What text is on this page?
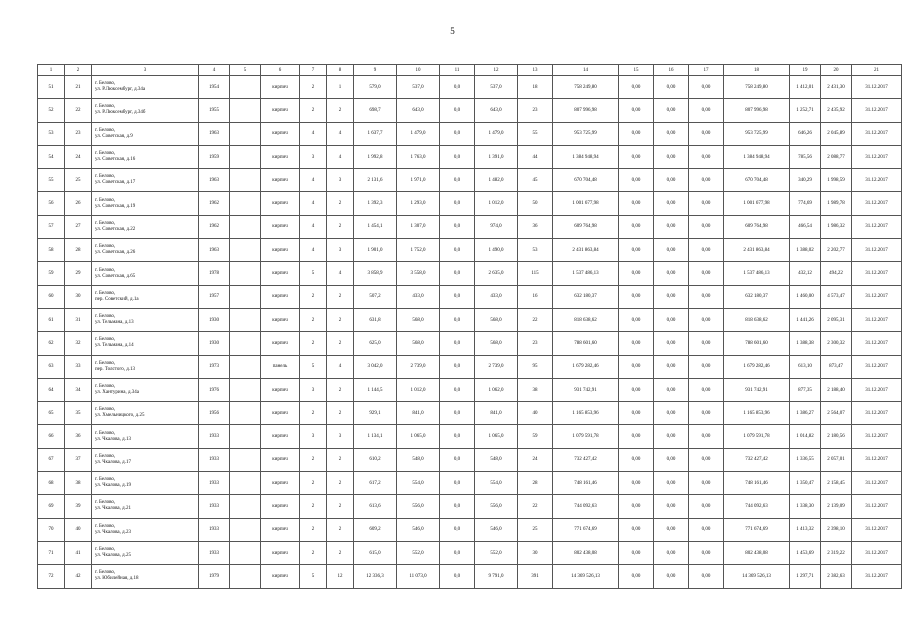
5
1	2	3	4	5	6	7	8	9	10	11	12	13	14	15	16	17	18	19	20	21
51	21	г. Белово,
ул. Р.Люксембург, д.34а	1954		кирпич	2	1	579,0	537,0	0,0	537,0	18	758 249,80	0,00	0,00	0,00	758 249,80	1 412,01	2 431,30	31.12.2017
52	22	г. Белово,
ул. Р.Люксембург, д.34б	1955		кирпич	2	2	698,7	643,0	0,0	643,0	23	807 996,98	0,00	0,00	0,00	807 996,98	1 252,71	2 435,92	31.12.2017
53	23	г. Белово,
ул. Советская, д.9	1963		кирпич	4	4	1 637,7	1 479,0	0,0	1 479,0	55	953 725,99	0,00	0,00	0,00	953 725,99	646,26	2 045,89	31.12.2017
54	24	г. Белово,
ул. Советская, д.16	1959		кирпич	3	4	1 992,8	1 763,0	0,0	1 391,0	44	1 384 948,94	0,00	0,00	0,00	1 384 948,94	785,56	2 088,77	31.12.2017
55	25	г. Белово,
ул. Советская, д.17	1963		кирпич	4	3	2 131,6	1 971,0	0,0	1 482,0	45	670 704,48	0,00	0,00	0,00	670 704,48	340,29	1 998,59	31.12.2017
56	26	г. Белово,
ул. Советская, д.19	1962		кирпич	4	2	1 392,3	1 293,0	0,0	1 012,0	50	1 001 677,98	0,00	0,00	0,00	1 001 677,98	774,69	1 989,78	31.12.2017
57	27	г. Белово,
ул. Советская, д.22	1962		кирпич	4	2	1 454,1	1 307,0	0,0	974,0	36	609 764,98	0,00	0,00	0,00	609 764,98	466,54	1 986,32	31.12.2017
58	28	г. Белово,
ул. Советская, д.26	1963		кирпич	4	3	1 901,0	1 752,0	0,0	1 490,0	53	2 431 863,84	0,00	0,00	0,00	2 431 863,84	1 388,02	2 202,77	31.12.2017
59	29	г. Белово,
ул. Советская, д.65	1978		кирпич	5	4	3 858,9	3 558,0	0,0	2 635,0	115	1 537 486,13	0,00	0,00	0,00	1 537 486,13	432,12	494,22	31.12.2017
60	30	г. Белово,
пер. Советский, д.1а	1957		кирпич	2	2	507,2	433,0	0,0	433,0	16	632 180,37	0,00	0,00	0,00	632 180,37	1 460,00	4 573,47	31.12.2017
61	31	г. Белово,
ул. Тельмана, д.13	1930		кирпич	2	2	631,8	568,0	0,0	568,0	22	818 638,62	0,00	0,00	0,00	818 638,62	1 441,26	2 095,31	31.12.2017
62	32	г. Белово,
ул. Тельмана, д.14	1930		кирпич	2	2	625,0	568,0	0,0	568,0	23	788 601,60	0,00	0,00	0,00	788 601,60	1 388,38	2 300,32	31.12.2017
63	33	г. Белово,
пер. Толстого, д.13	1973		панель	5	4	3 042,0	2 739,0	0,0	2 739,0	95	1 679 282,46	0,00	0,00	0,00	1 679 282,46	613,10	873,47	31.12.2017
64	34	г. Белово,
ул. Хантурина, д.34а	1976		кирпич	3	2	1 144,5	1 012,0	0,0	1 062,0	38	931 742,91	0,00	0,00	0,00	931 742,91	877,35	2 188,40	31.12.2017
65	35	г. Белово,
ул. Хмельницкого, д.25	1956		кирпич	2	2	929,1	841,0	0,0	841,0	40	1 165 853,96	0,00	0,00	0,00	1 165 853,96	1 386,27	2 564,07	31.12.2017
66	36	г. Белово,
ул. Чкалова, д.13	1933		кирпич	3	3	1 134,1	1 065,0	0,0	1 065,0	59	1 079 591,78	0,00	0,00	0,00	1 079 591,78	1 014,82	2 180,56	31.12.2017
67	37	г. Белово,
ул. Чкалова, д.17	1933		кирпич	2	2	610,2	548,0	0,0	548,0	24	732 427,42	0,00	0,00	0,00	732 427,42	1 336,55	2 057,01	31.12.2017
68	38	г. Белово,
ул. Чкалова, д.19	1933		кирпич	2	2	617,2	554,0	0,0	554,0	28	748 161,46	0,00	0,00	0,00	748 161,46	1 350,47	2 158,45	31.12.2017
69	39	г. Белово,
ул. Чкалова, д.21	1933		кирпич	2	2	613,6	556,0	0,0	556,0	22	744 092,63	0,00	0,00	0,00	744 092,63	1 338,30	2 139,09	31.12.2017
70	40	г. Белово,
ул. Чкалова, д.23	1933		кирпич	2	2	609,2	546,0	0,0	546,0	25	771 674,69	0,00	0,00	0,00	771 674,69	1 413,32	2 398,10	31.12.2017
71	41	г. Белово,
ул. Чкалова, д.25	1933		кирпич	2	2	615,0	552,0	0,0	552,0	30	802 438,08	0,00	0,00	0,00	802 438,08	1 453,69	2 319,22	31.12.2017
72	42	г. Белово,
ул. Юбилейная, д.18	1979		кирпич	5	12	12 336,3	11 073,0	0,0	9 791,0	391	14 369 526,13	0,00	0,00	0,00	14 369 526,13	1 297,71	2 382,63	31.12.2017
